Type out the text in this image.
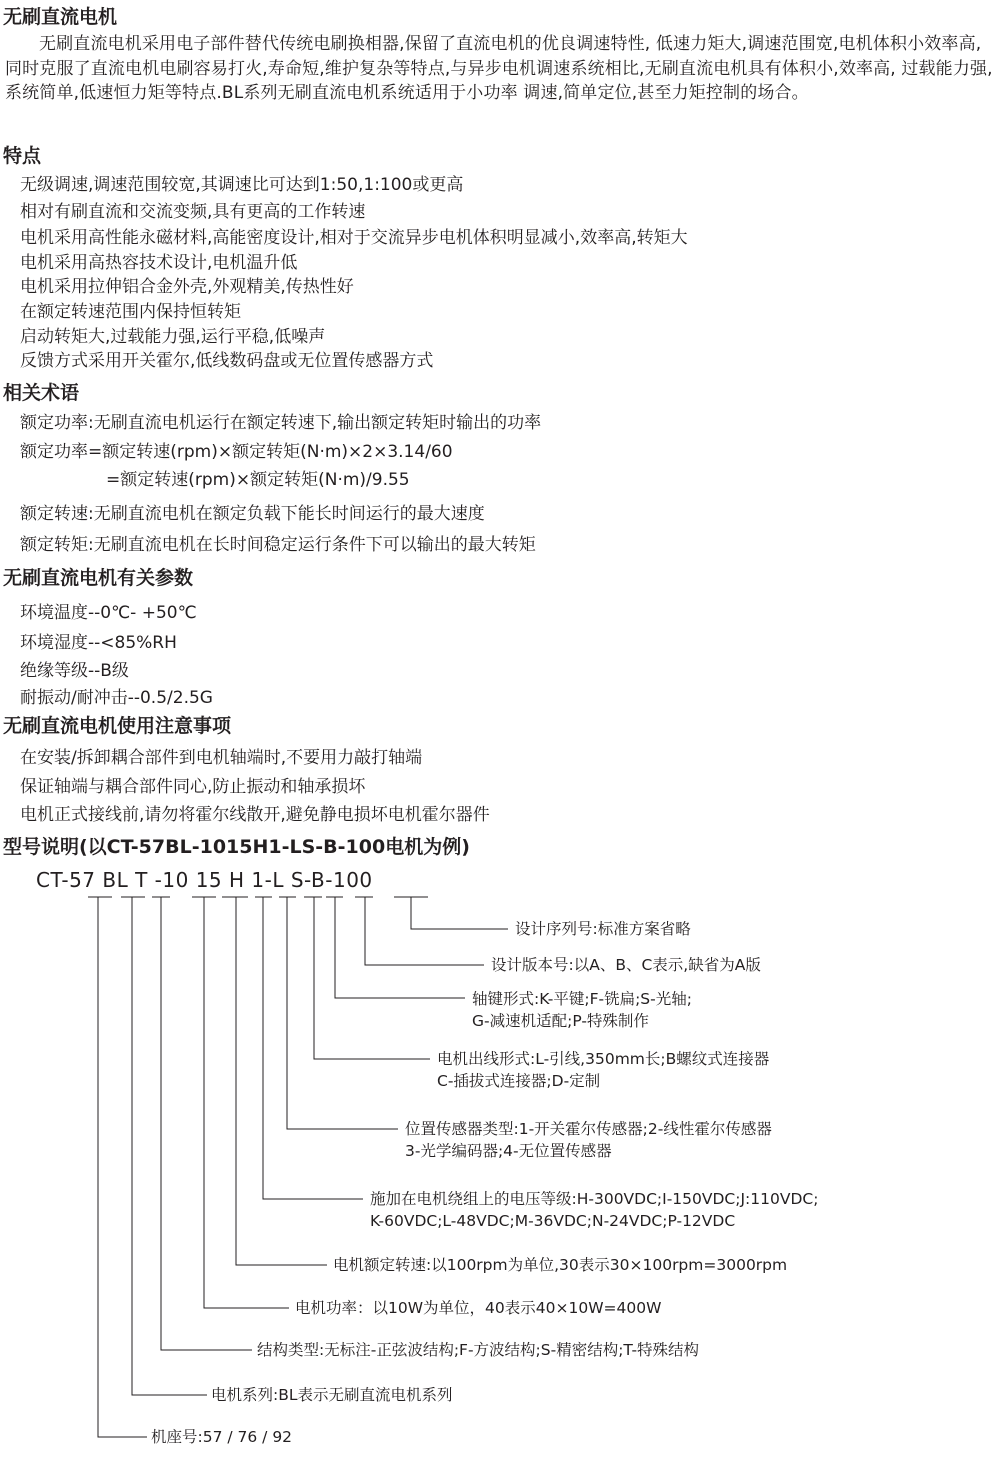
无刷直流电机
无刷直流电机采用电子部件替代传统电刷换相器,保留了直流电机的优良调速特性, 低速力矩大,调速范围宽,电机体积小效率高,同时克服了直流电机电刷容易打火,寿命短,维护复杂等特点,与异步电机调速系统相比,无刷直流电机具有体积小,效率高, 过载能力强,系统简单,低速恒力矩等特点.BL系列无刷直流电机系统适用于小功率 调速,简单定位,甚至力矩控制的场合。
特点
无级调速,调速范围较宽,其调速比可达到1:50,1:100或更高
相对有刷直流和交流变频,具有更高的工作转速
电机采用高性能永磁材料,高能密度设计,相对于交流异步电机体积明显减小,效率高,转矩大
电机采用高热容技术设计,电机温升低
电机采用拉伸铝合金外壳,外观精美,传热性好
在额定转速范围内保持恒转矩
启动转矩大,过载能力强,运行平稳,低噪声
反馈方式采用开关霍尔,低线数码盘或无位置传感器方式
相关术语
额定功率:无刷直流电机运行在额定转速下,输出额定转矩时输出的功率
额定功率=额定转速(rpm)×额定转矩(N·m)×2×3.14/60
=额定转速(rpm)×额定转矩(N·m)/9.55
额定转速:无刷直流电机在额定负载下能长时间运行的最大速度
额定转矩:无刷直流电机在长时间稳定运行条件下可以输出的最大转矩
无刷直流电机有关参数
环境温度--0℃- +50℃
环境湿度--<85%RH
绝缘等级--B级
耐振动/耐冲击--0.5/2.5G
无刷直流电机使用注意事项
在安装/拆卸耦合部件到电机轴端时,不要用力敲打轴端
保证轴端与耦合部件同心,防止振动和轴承损坏
电机正式接线前,请勿将霍尔线散开,避免静电损坏电机霍尔器件
型号说明(以CT-57BL-1015H1-LS-B-100电机为例)
CT-57 BL T -10 15 H 1-L S-B-100
设计序列号:标准方案省略
设计版本号:以A、B、C表示,缺省为A版
轴键形式:K-平键;F-铣扁;S-光轴;
G-减速机适配;P-特殊制作
电机出线形式:L-引线,350mm长;B螺纹式连接器
C-插拔式连接器;D-定制
位置传感器类型:1-开关霍尔传感器;2-线性霍尔传感器
3-光学编码器;4-无位置传感器
施加在电机绕组上的电压等级:H-300VDC;I-150VDC;J:110VDC;
K-60VDC;L-48VDC;M-36VDC;N-24VDC;P-12VDC
电机额定转速:以100rpm为单位,30表示30×100rpm=3000rpm
电机功率：以10W为单位，40表示40×10W=400W
结构类型:无标注-正弦波结构;F-方波结构;S-精密结构;T-特殊结构
电机系列:BL表示无刷直流电机系列
机座号:57 / 76 / 92
